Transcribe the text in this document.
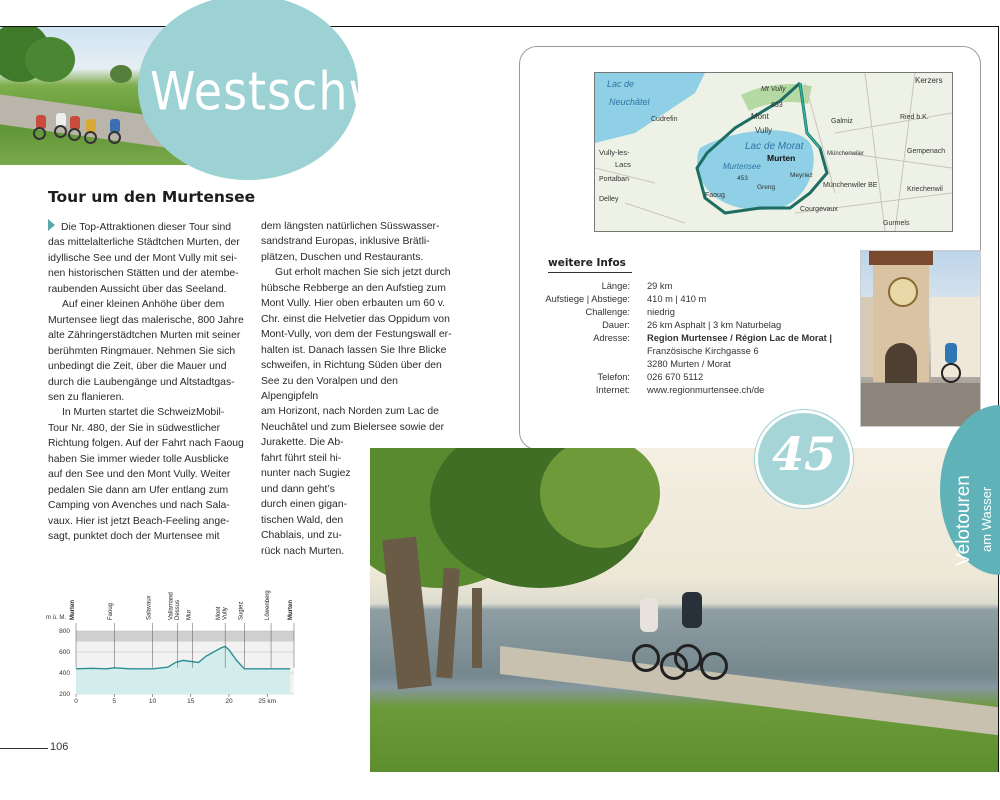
Westschweiz
Tour um den Murtensee

Die Top-Attraktionen dieser Tour sind

das mittelalterliche Städtchen Murten, der

idyllische See und der Mont Vully mit sei-

nen historischen Stätten und der atembe-

raubenden Aussicht über das Seeland.

Auf einer kleinen Anhöhe über dem

Murtensee liegt das malerische, 800 Jahre

alte Zähringerstädtchen Murten mit seiner

berühmten Ringmauer. Nehmen Sie sich

unbedingt die Zeit, über die Mauer und

durch die Laubengänge und Altstadtgas-

sen zu flanieren.

In Murten startet die SchweizMobil-

Tour Nr. 480, der Sie in südwestlicher

Richtung folgen. Auf der Fahrt nach Faoug

haben Sie immer wieder tolle Ausblicke

auf den See und den Mont Vully. Weiter

pedalen Sie dann am Ufer entlang zum

Camping von Avenches und nach Sala-

vaux. Hier ist jetzt Beach-Feeling ange-

sagt, punktet doch der Murtensee mit

dem längsten natürlichen Süsswasser-

sandstrand Europas, inklusive Brätli-

plätzen, Duschen und Restaurants.

Gut erholt machen Sie sich jetzt durch

hübsche Rebberge an den Aufstieg zum

Mont Vully. Hier oben erbauten um 60 v.

Chr. einst die Helvetier das Oppidum von

Mont-Vully, von dem der Festungswall er-

halten ist. Danach lassen Sie Ihre Blicke

schweifen, in Richtung Süden über den

See zu den Voralpen und den Alpengipfeln

am Horizont, nach Norden zum Lac de

Neuchâtel und zum Bielersee sowie der

Jurakette. Die Ab-

fahrt führt steil hi-

nunter nach Sugiez

und dann geht’s

durch einen gigan-

tischen Wald, den

Chablais, und zu-

rück nach Murten.

Murten	Faoug	Salavaux	Vallamand Dessus Mur	Mont Vully Sugiez	Löwenberg	Murten
800
600
400
200
0	5	10	15	20	25 km
m ü. M.
106
Lac de
Neuchâtel
Mt Vully
653
Kerzers
Galmiz
Ried b.K.
Mont
Vully
Lac de Morat
Cudrefin
Murten
Murtensee
453
Münchenwiler
Vully-les-
Lacs
Portalban
Meyriez
Greng
Faoug
Gempenach
Münchenwiler BE
Kriechenwil
Delley
Courgevaux
Gurmels
weitere Infos
Länge: 29 km
Aufstiege | Abstiege: 410 m | 410 m
Challenge: niedrig
Dauer: 26 km Asphalt | 3 km Naturbelag
Adresse: Region Murtensee / Région Lac de Morat |
Französische Kirchgasse 6
3280 Murten / Morat
Telefon: 026 670 5112
Internet: www.regionmurtensee.ch/de
45
Velotouren am Wasser
